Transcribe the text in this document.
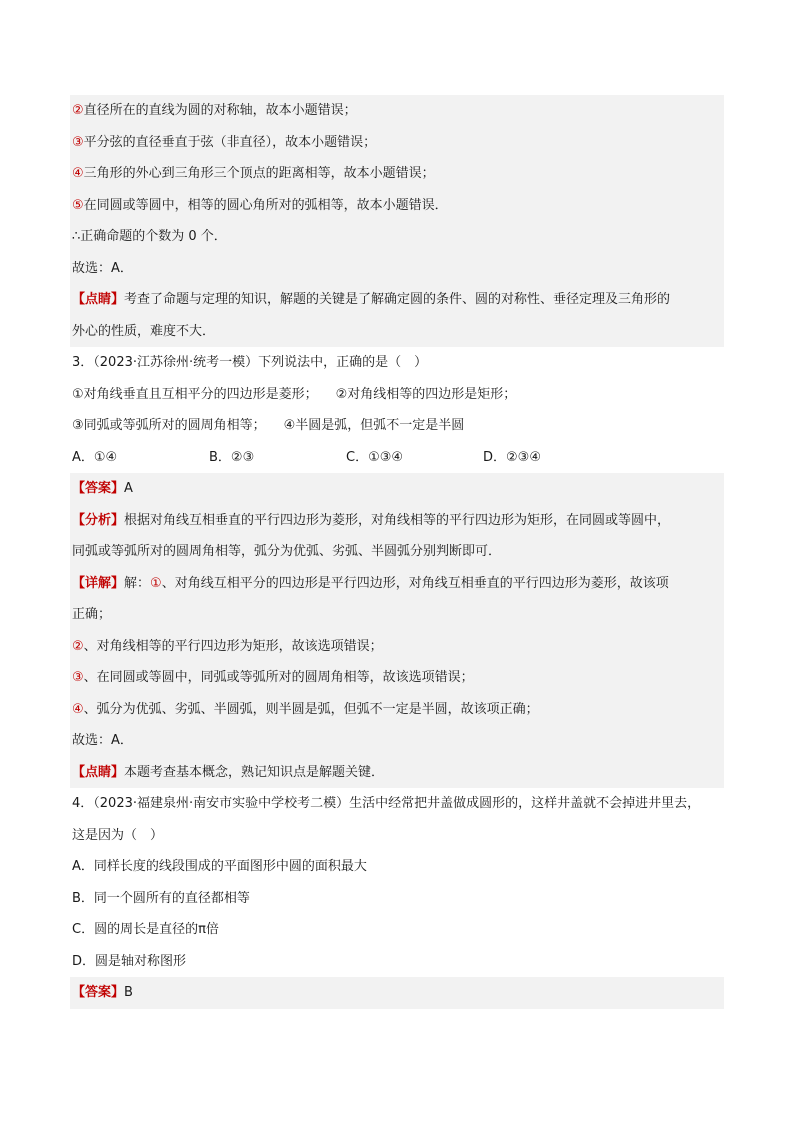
②直径所在的直线为圆的对称轴，故本小题错误；
③平分弦的直径垂直于弦（非直径），故本小题错误；
④三角形的外心到三角形三个顶点的距离相等，故本小题错误；
⑤在同圆或等圆中，相等的圆心角所对的弧相等，故本小题错误．
∴正确命题的个数为 0 个．
故选：A．
【点睛】考查了命题与定理的知识，解题的关键是了解确定圆的条件、圆的对称性、垂径定理及三角形的
外心的性质，难度不大．
3．（2023·江苏徐州·统考一模）下列说法中，正确的是（　）
①对角线垂直且互相平分的四边形是菱形； ②对角线相等的四边形是矩形；
③同弧或等弧所对的圆周角相等； ④半圆是弧，但弧不一定是半圆
A．①④	B．②③	C．①③④	D．②③④
【答案】A
【分析】根据对角线互相垂直的平行四边形为菱形，对角线相等的平行四边形为矩形，在同圆或等圆中，
同弧或等弧所对的圆周角相等，弧分为优弧、劣弧、半圆弧分别判断即可．
【详解】解：①、对角线互相平分的四边形是平行四边形，对角线互相垂直的平行四边形为菱形，故该项
正确；
②、对角线相等的平行四边形为矩形，故该选项错误；
③、在同圆或等圆中，同弧或等弧所对的圆周角相等，故该选项错误；
④、弧分为优弧、劣弧、半圆弧，则半圆是弧，但弧不一定是半圆，故该项正确；
故选：A．
【点睛】本题考查基本概念，熟记知识点是解题关键．
4．（2023·福建泉州·南安市实验中学校考二模）生活中经常把井盖做成圆形的，这样井盖就不会掉进井里去，
这是因为（　）
A．同样长度的线段围成的平面图形中圆的面积最大
B．同一个圆所有的直径都相等
C．圆的周长是直径的π倍
D．圆是轴对称图形
【答案】B
